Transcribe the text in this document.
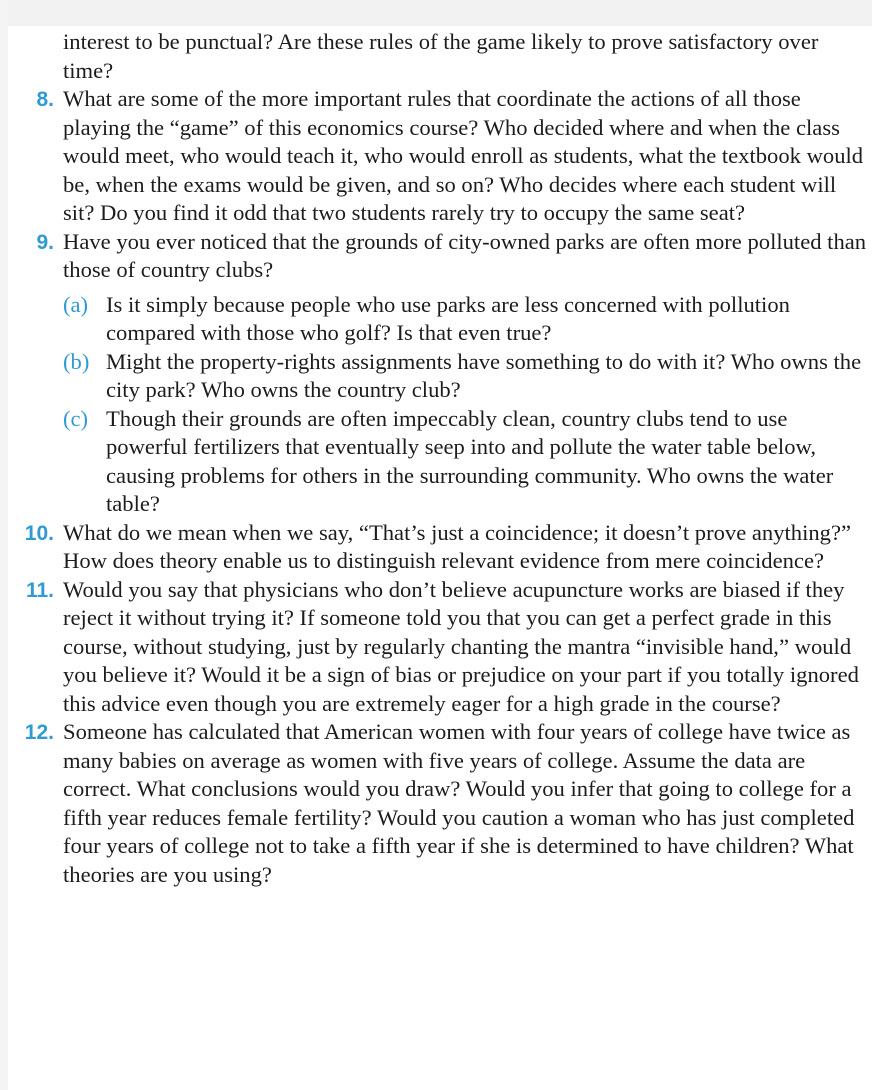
interest to be punctual? Are these rules of the game likely to prove satisfactory over time?
8. What are some of the more important rules that coordinate the actions of all those playing the “game” of this economics course? Who decided where and when the class would meet, who would teach it, who would enroll as students, what the textbook would be, when the exams would be given, and so on? Who decides where each student will sit? Do you find it odd that two students rarely try to occupy the same seat?
9. Have you ever noticed that the grounds of city-owned parks are often more polluted than those of country clubs?
(a) Is it simply because people who use parks are less concerned with pollution compared with those who golf? Is that even true?
(b) Might the property-rights assignments have something to do with it? Who owns the city park? Who owns the country club?
(c) Though their grounds are often impeccably clean, country clubs tend to use powerful fertilizers that eventually seep into and pollute the water table below, causing problems for others in the surrounding community. Who owns the water table?
10. What do we mean when we say, “That’s just a coincidence; it doesn’t prove anything?” How does theory enable us to distinguish relevant evidence from mere coincidence?
11. Would you say that physicians who don’t believe acupuncture works are biased if they reject it without trying it? If someone told you that you can get a perfect grade in this course, without studying, just by regularly chanting the mantra “invisible hand,” would you believe it? Would it be a sign of bias or prejudice on your part if you totally ignored this advice even though you are extremely eager for a high grade in the course?
12. Someone has calculated that American women with four years of college have twice as many babies on average as women with five years of college. Assume the data are correct. What conclusions would you draw? Would you infer that going to college for a fifth year reduces female fertility? Would you caution a woman who has just completed four years of college not to take a fifth year if she is determined to have children? What theories are you using?
